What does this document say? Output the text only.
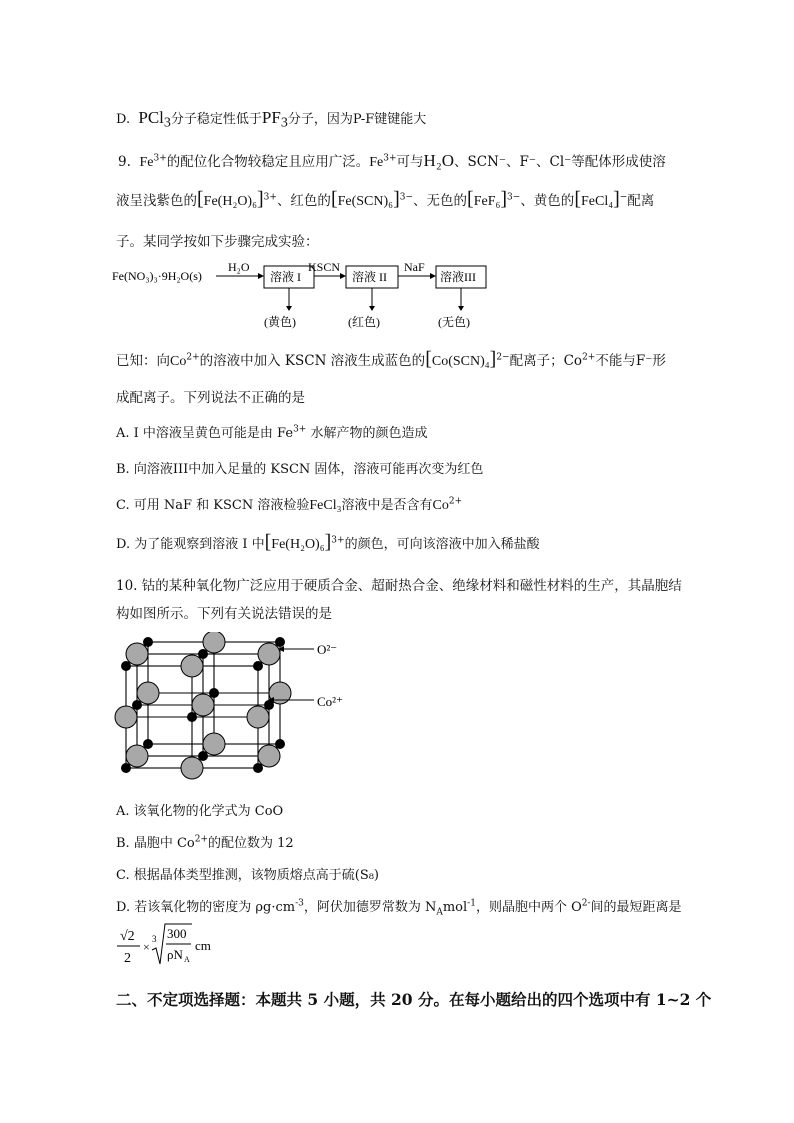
D. PCl$_3$分子稳定性低于$PF_3$分子，因为P-F键键能大
9. $Fe^{3+}$的配位化合物较稳定且应用广泛。$Fe^{3+}$可与H₂O、SCN⁻、F⁻、Cl⁻等配体形成使溶
液呈浅紫色的$[Fe(H_2O)_6]^{3+}$、红色的$[Fe(SCN)_6]^{3-}$、无色的$[FeF_6]^{3-}$、黄色的[FeCl₄]−配离
子。某同学按如下步骤完成实验：
Fe(NO₃)₃·9H₂O(s)
H₂O
溶液 I
KSCN
溶液 II
NaF
溶液III
(黄色)	(红色)	(无色)
已知：向$Co^{2+}$的溶液中加入 KSCN 溶液生成蓝色的$[Co(SCN)_4]^{2-}$配离子；$Co^{2+}$不能与F⁻形
成配离子。下列说法不正确的是
A. I 中溶液呈黄色可能是由 $Fe^{3+}$ 水解产物的颜色造成
B. 向溶液III中加入足量的 KSCN 固体，溶液可能再次变为红色
C. 可用 NaF 和 KSCN 溶液检验FeCl₃溶液中是否含有$Co^{2+}$
D. 为了能观察到溶液 I 中$[Fe(H_2O)_6]^{3+}$的颜色，可向该溶液中加入稀盐酸
10. 钴的某种氧化物广泛应用于硬质合金、超耐热合金、绝缘材料和磁性材料的生产，其晶胞结
构如图所示。下列有关说法错误的是
O²⁻
Co²⁺
A. 该氧化物的化学式为 CoO
B. 晶胞中 $Co^{2+}$的配位数为 12
C. 根据晶体类型推测，该物质熔点高于硫(S₈)
D. 若该氧化物的密度为 $\rho g\cdot cm^{-3}$，阿伏加德罗常数为 $N_Amol^{-1}$，则晶胞中两个 $O^{2-}$间的最短距离是
√2
2
×
3 300
ρN A
cm
二、不定项选择题：本题共 5 小题，共 20 分。在每小题给出的四个选项中有 1~2 个
